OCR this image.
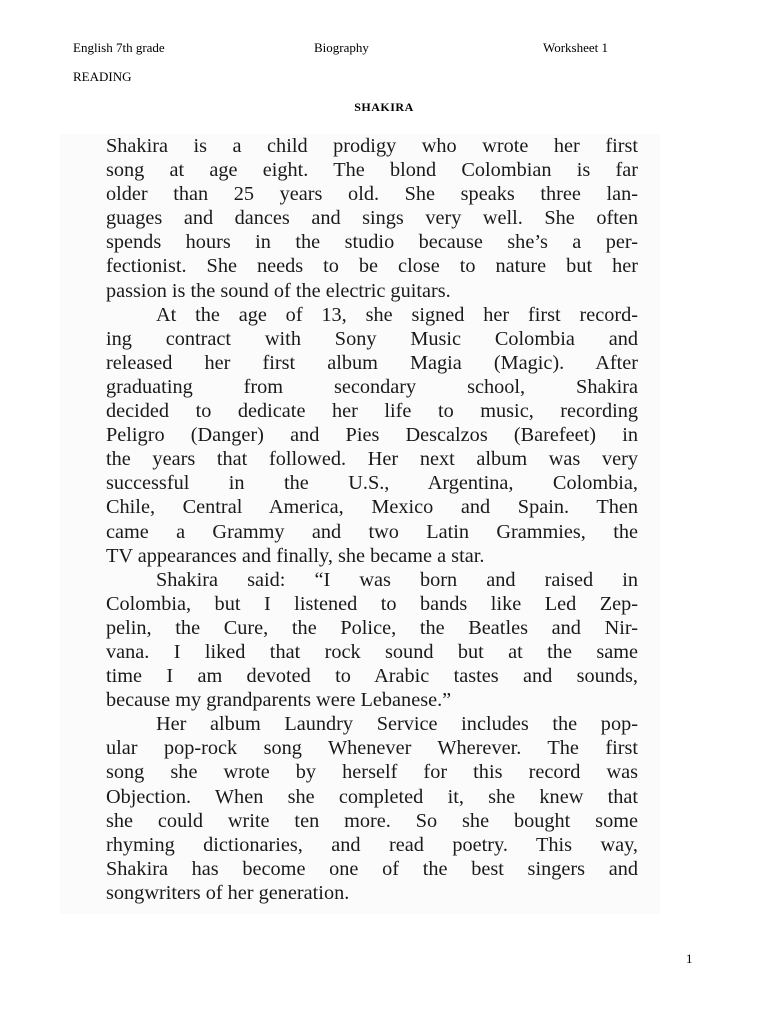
English 7th grade	Biography	Worksheet 1
READING
SHAKIRA
Shakira is a child prodigy who wrote her first
song at age eight. The blond Colombian is far
older than 25 years old. She speaks three lan-
guages and dances and sings very well. She often
spends hours in the studio because she’s a per-
fectionist. She needs to be close to nature but her
passion is the sound of the electric guitars.
At the age of 13, she signed her first record-
ing contract with Sony Music Colombia and
released her first album Magia (Magic). After
graduating from secondary school, Shakira
decided to dedicate her life to music, recording
Peligro (Danger) and Pies Descalzos (Barefeet) in
the years that followed. Her next album was very
successful in the U.S., Argentina, Colombia,
Chile, Central America, Mexico and Spain. Then
came a Grammy and two Latin Grammies, the
TV appearances and finally, she became a star.
Shakira said: “I was born and raised in
Colombia, but I listened to bands like Led Zep-
pelin, the Cure, the Police, the Beatles and Nir-
vana. I liked that rock sound but at the same
time I am devoted to Arabic tastes and sounds,
because my grandparents were Lebanese.”
Her album Laundry Service includes the pop-
ular pop-rock song Whenever Wherever. The first
song she wrote by herself for this record was
Objection. When she completed it, she knew that
she could write ten more. So she bought some
rhyming dictionaries, and read poetry. This way,
Shakira has become one of the best singers and
songwriters of her generation.
1
